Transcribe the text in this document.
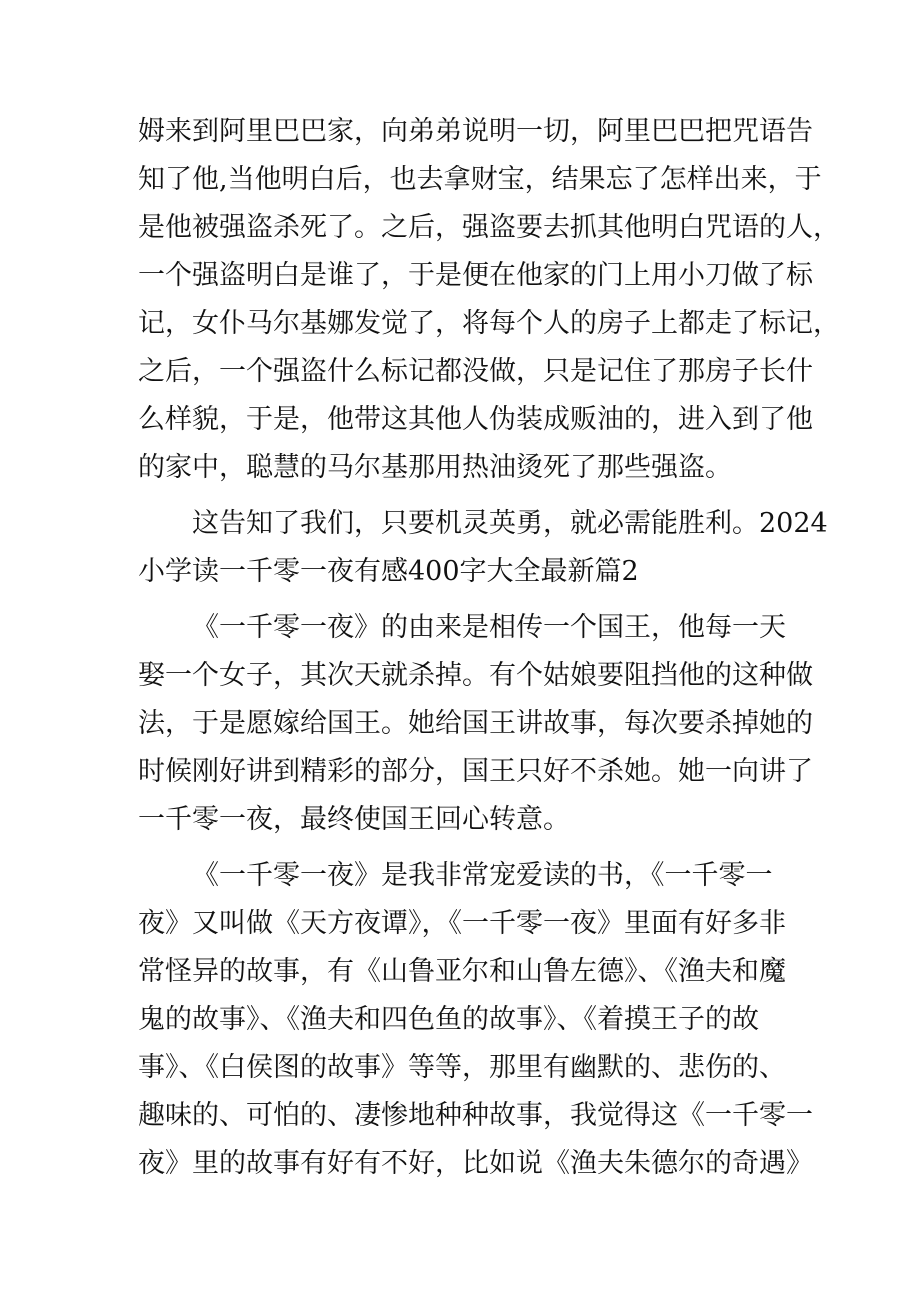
姆来到阿里巴巴家，向弟弟说明一切，阿里巴巴把咒语告

知了他,当他明白后，也去拿财宝，结果忘了怎样出来，于

是他被强盗杀死了。之后，强盗要去抓其他明白咒语的人，

一个强盗明白是谁了，于是便在他家的门上用小刀做了标

记，女仆马尔基娜发觉了，将每个人的房子上都走了标记，

之后，一个强盗什么标记都没做，只是记住了那房子长什

么样貌，于是，他带这其他人伪装成贩油的，进入到了他

的家中，聪慧的马尔基那用热油烫死了那些强盗。

这告知了我们，只要机灵英勇，就必需能胜利。2024

小学读一千零一夜有感400字大全最新篇2

《一千零一夜》的由来是相传一个国王，他每一天

娶一个女子，其次天就杀掉。有个姑娘要阻挡他的这种做

法，于是愿嫁给国王。她给国王讲故事，每次要杀掉她的

时候刚好讲到精彩的部分，国王只好不杀她。她一向讲了

一千零一夜，最终使国王回心转意。

《一千零一夜》是我非常宠爱读的书，《一千零一

夜》又叫做《天方夜谭》，《一千零一夜》里面有好多非

常怪异的故事，有《山鲁亚尔和山鲁左德》、《渔夫和魔

鬼的故事》、《渔夫和四色鱼的故事》、《着摸王子的故

事》、《白侯图的故事》等等，那里有幽默的、悲伤的、

趣味的、可怕的、凄惨地种种故事，我觉得这《一千零一

夜》里的故事有好有不好，比如说《渔夫朱德尔的奇遇》
